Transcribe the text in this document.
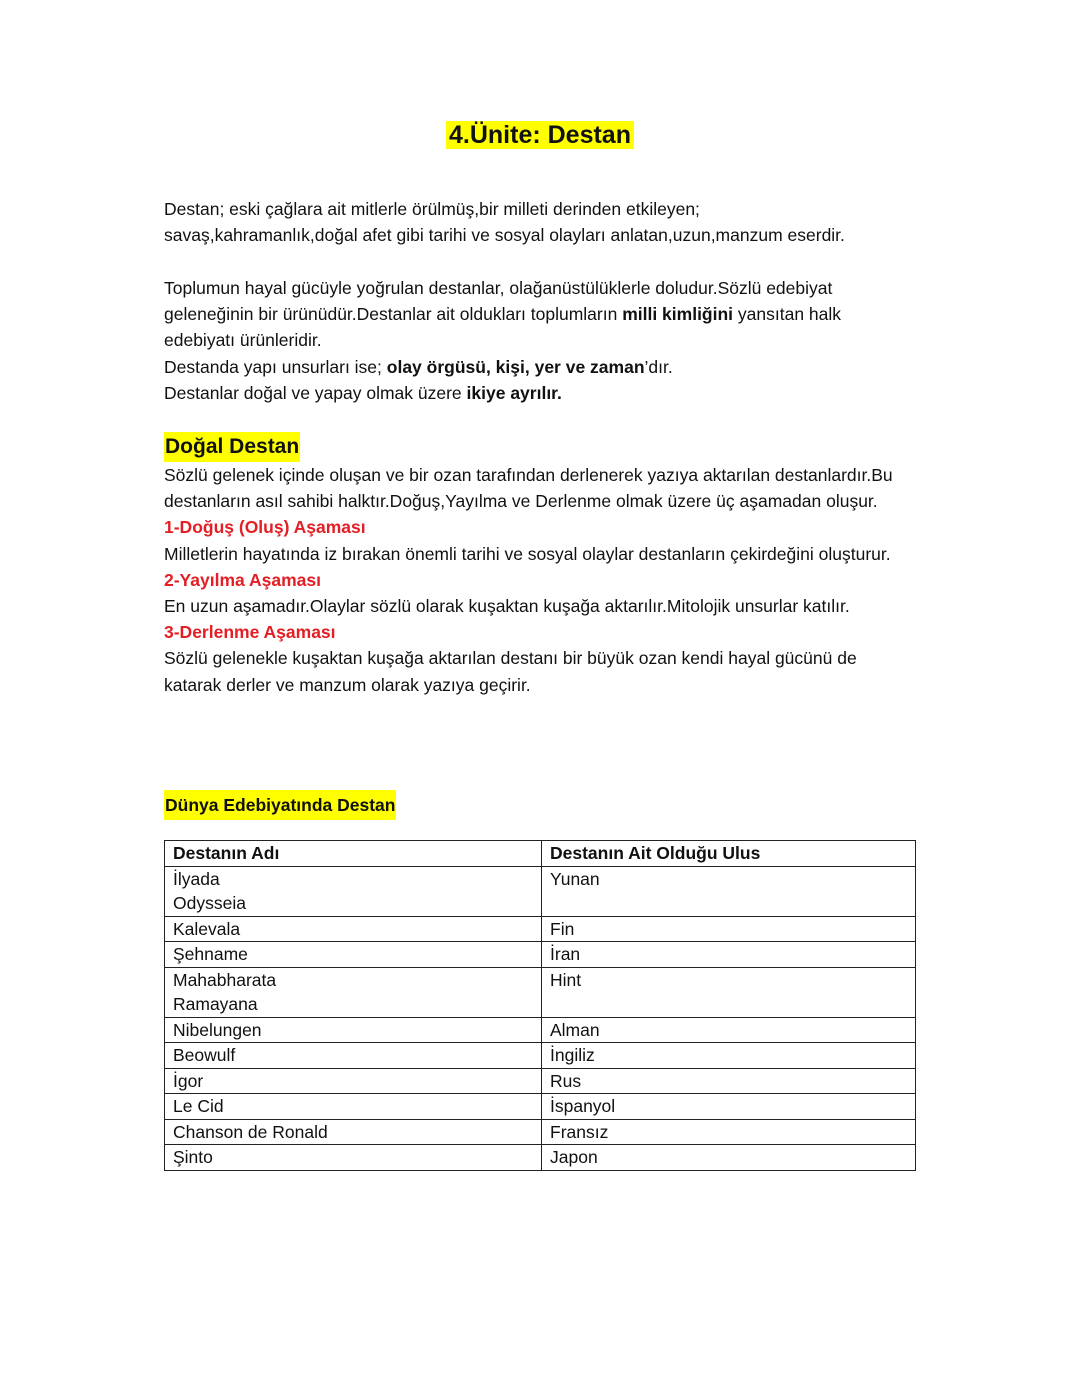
4.Ünite: Destan

Destan; eski çağlara ait mitlerle örülmüş,bir milleti derinden etkileyen;

savaş,kahramanlık,doğal afet gibi tarihi ve sosyal olayları anlatan,uzun,manzum eserdir.

Toplumun hayal gücüyle yoğrulan destanlar, olağanüstülüklerle doludur.Sözlü edebiyat geleneğinin bir ürünüdür.Destanlar ait oldukları toplumların milli kimliğini yansıtan halk edebiyatı ürünleridir.

Destanda yapı unsurları ise; olay örgüsü, kişi, yer ve zaman’dır.

Destanlar doğal ve yapay olmak üzere ikiye ayrılır.

Doğal Destan

Sözlü gelenek içinde oluşan ve bir ozan tarafından derlenerek yazıya aktarılan destanlardır.Bu destanların asıl sahibi halktır.Doğuş,Yayılma ve Derlenme olmak üzere üç aşamadan oluşur.

1-Doğuş (Oluş) Aşaması

Milletlerin hayatında iz bırakan önemli tarihi ve sosyal olaylar destanların çekirdeğini oluşturur.

2-Yayılma Aşaması

En uzun aşamadır.Olaylar sözlü olarak kuşaktan kuşağa aktarılır.Mitolojik unsurlar katılır.

3-Derlenme Aşaması

Sözlü gelenekle kuşaktan kuşağa aktarılan destanı bir büyük ozan kendi hayal gücünü de katarak derler ve manzum olarak yazıya geçirir.

Dünya Edebiyatında Destan
Destanın Adı	Destanın Ait Olduğu Ulus

İlyada
Odysseia	Yunan

Kalevala	Fin

Şehname	İran

Mahabharata
Ramayana	Hint

Nibelungen	Alman

Beowulf	İngiliz

İgor	Rus

Le Cid	İspanyol

Chanson de Ronald	Fransız

Şinto	Japon
